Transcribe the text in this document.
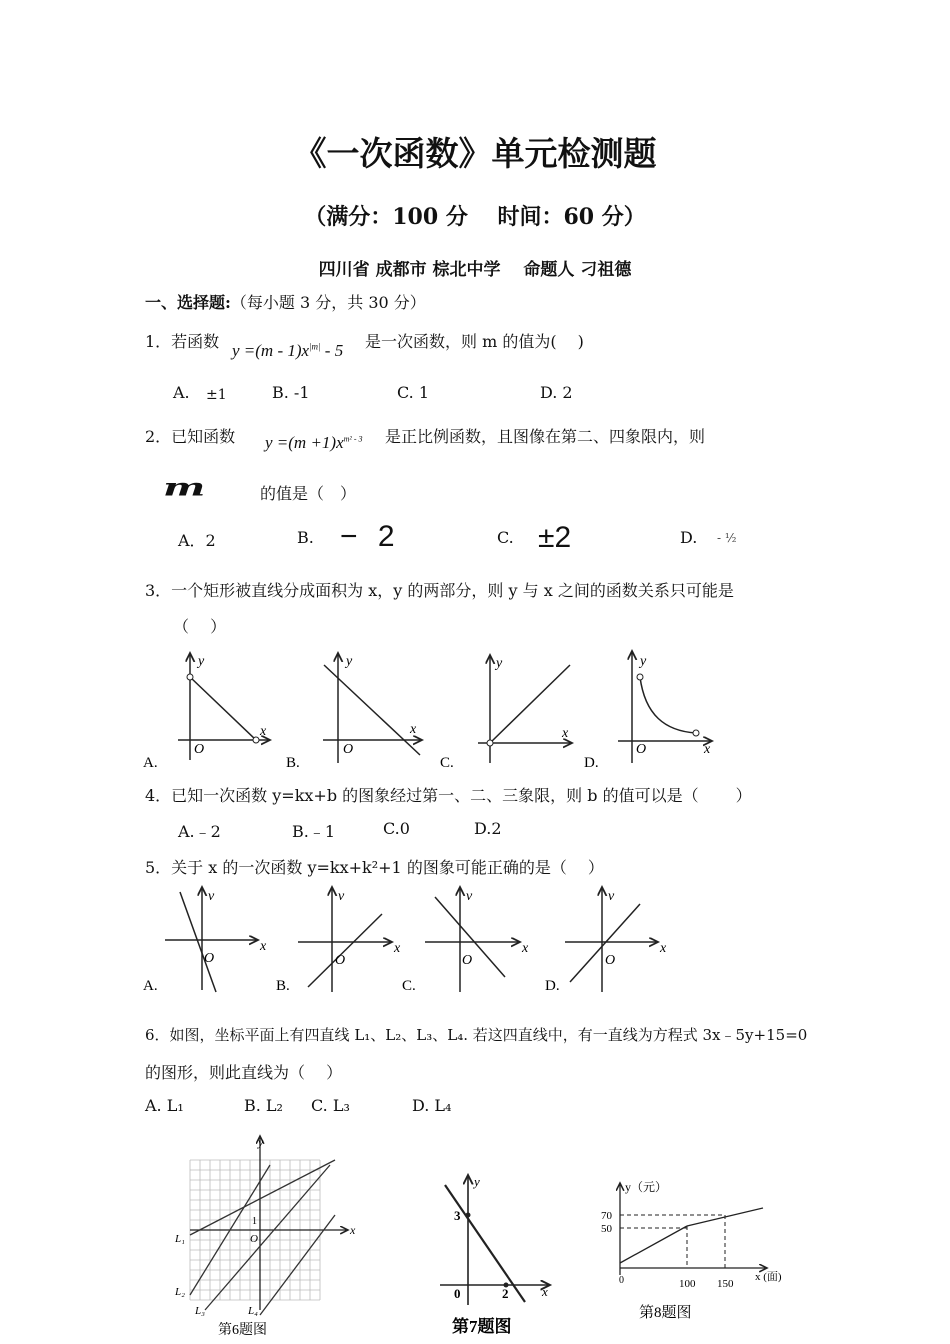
《一次函数》单元检测题
（满分：100 分　 时间：60 分）
四川省 成都市 棕北中学　 命题人 刁祖德
一、选择题:（每小题 3 分，共 30 分）
1．若函数 $y =(m - 1)x^{|m|} - 5$ 是一次函数，则 m 的值为(　 )
A. ±1	B. -1	C. 1	D. 2
2．已知函数 $y =(m +1)x^{m^2 - 3}$ 是正比例函数，且图像在第二、四象限内，则
m	的值是（　）
A．2	B. − 2	C. ±2	D. - ½
3．一个矩形被直线分成面积为 x，y 的两部分，则 y 与 x 之间的函数关系只可能是
（　 ）
y
x
O
A.
y
x
O
B.
y
x
C.
y
x
O
D.
4．已知一次函数 y=kx+b 的图象经过第一、二、三象限，则 b 的值可以是（　　 ）
A.﹣2	B.﹣1	C.0	D.2
5．关于 x 的一次函数 y=kx+k²+1 的图象可能正确的是（　 ）
v
x
O
A.
v
x
O
B.
v
x
O
C.
v
x
O
D.
6．如图，坐标平面上有四直线 L₁、L₂、L₃、L₄. 若这四直线中，有一直线为方程式 3x﹣5y+15=0
的图形，则此直线为（　 ）
A. L₁	B. L₂ C. L₃	D. L₄
y
x
O
1
L₁
L₂
L₃	L₄
第6题图
y
x
3
2
0
第7题图
y（元）
70
50
0	100 150
x (面)
第8题图
